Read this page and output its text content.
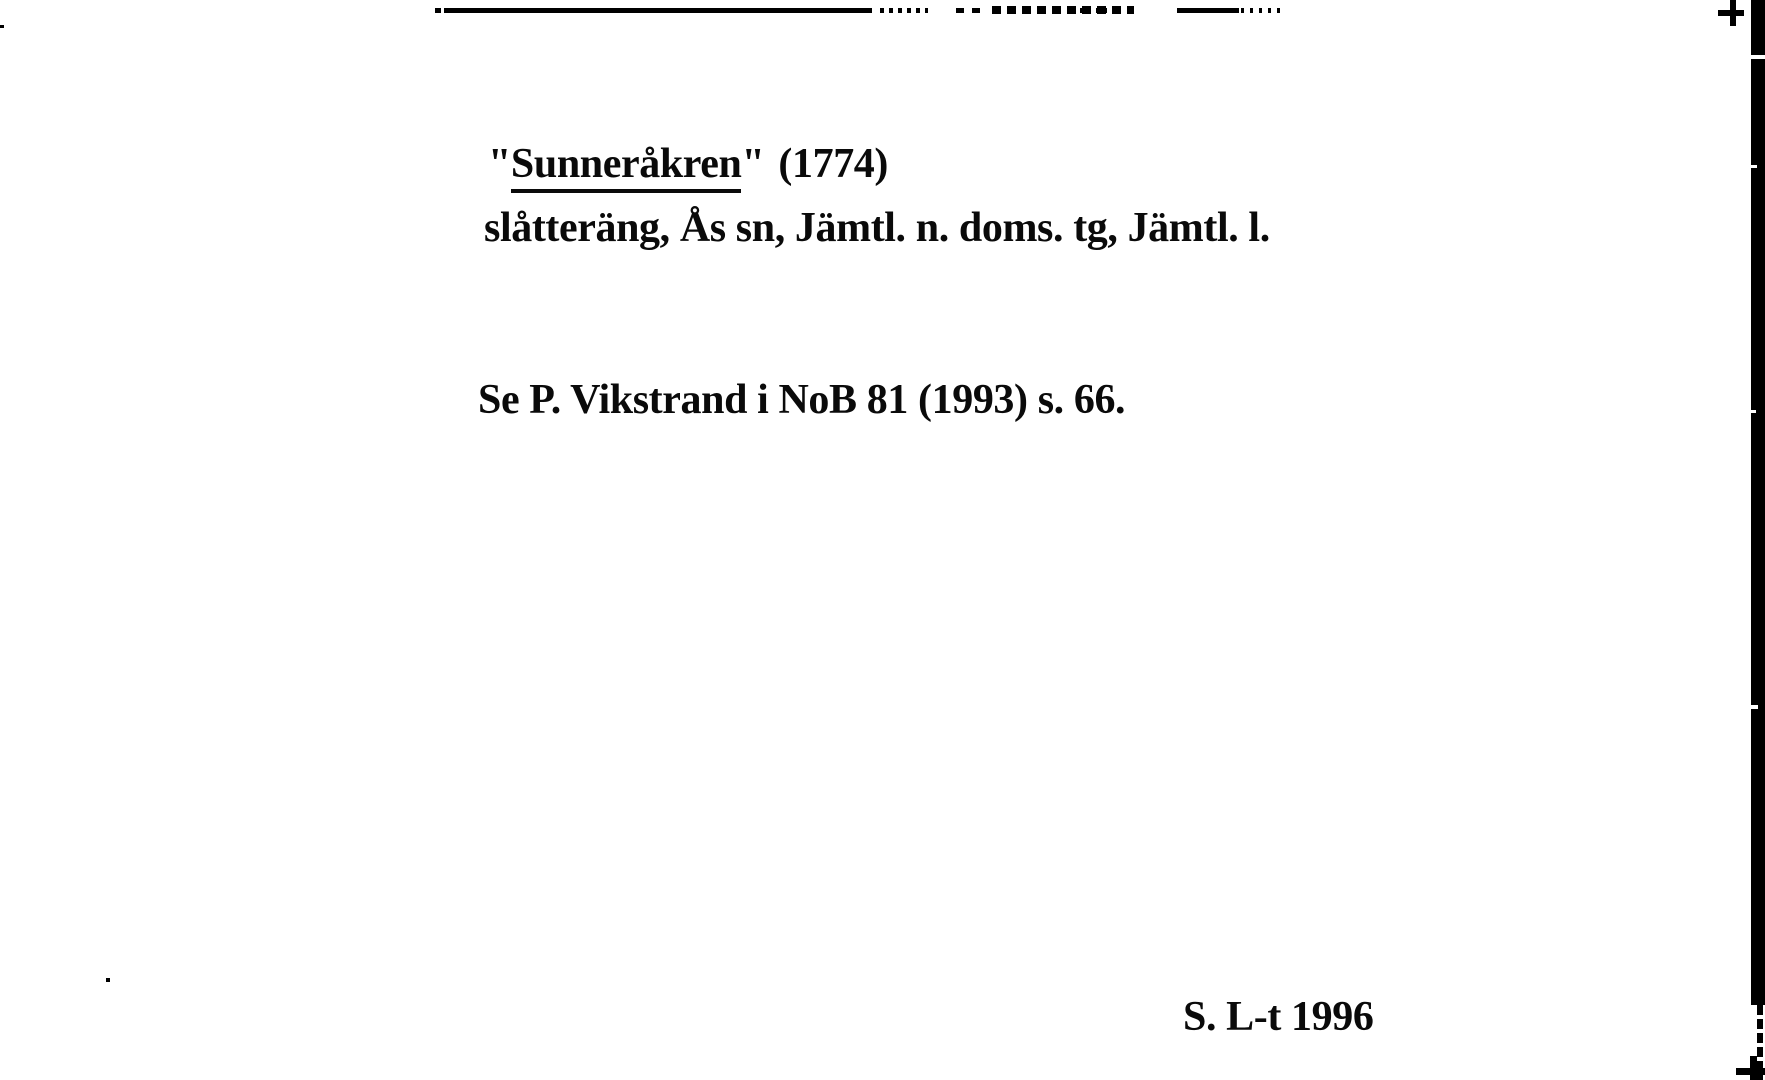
"Sunneråkren" (1774)
slåtteräng, Ås sn, Jämtl. n. doms. tg, Jämtl. l.
Se P. Vikstrand i NoB 81 (1993) s. 66.
S. L-t 1996
